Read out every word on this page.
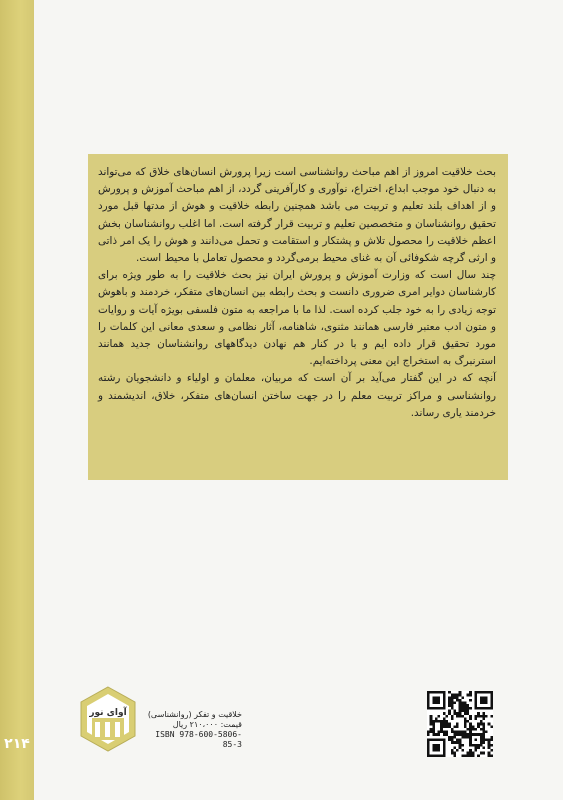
۲۱۴

بحث خلاقیت امروز از اهم مباحث روانشناسی است زیرا پرورش انسان‌های خلاق که می‌تواند به دنبال خود موجب ابداع، اختراع، نوآوری و کارآفرینی گردد، از اهم مباحث آموزش و پرورش و از اهداف بلند تعلیم و تربیت می باشد همچنین رابطه خلاقیت و هوش از مدتها قبل مورد تحقیق روانشناسان و متخصصین تعلیم و تربیت قرار گرفته است. اما اغلب روانشناسان بخش اعظم خلاقیت را محصول تلاش و پشتکار و استقامت و تحمل می‌دانند و هوش را یک امر ذاتی و ارثی گرچه شکوفائی آن به غنای محیط برمی‌گردد و محصول تعامل با محیط است.

چند سال است که وزارت آموزش و پرورش ایران نیز بحث خلاقیت را به طور ویژه برای کارشناسان دوایر امری ضروری دانست و بحث رابطه بین انسان‌های متفکر، خردمند و باهوش توجه زیادی را به خود جلب کرده است. لذا ما با مراجعه به متون فلسفی بویژه آیات و روایات و متون ادب معتبر فارسی همانند مثنوی، شاهنامه، آثار نظامی و سعدی معانی این کلمات را مورد تحقیق قرار داده ایم و با در کنار هم نهادن دیدگاههای روانشناسان جدید همانند استرنبرگ به استخراج این معنی پرداخته‌ایم.

آنچه که در این گفتار می‌آید بر آن است که مربیان، معلمان و اولیاء و دانشجویان رشته روانشناسی و مراکز تربیت معلم را در جهت ساختن انسان‌های متفکر، خلاق، اندیشمند و خردمند یاری رساند.

آوای نور	خلاقیت و تفکر (روانشناسی)
قیمت: ۲۱۰،۰۰۰ ریال
ISBN 978-600-5806-85-3
